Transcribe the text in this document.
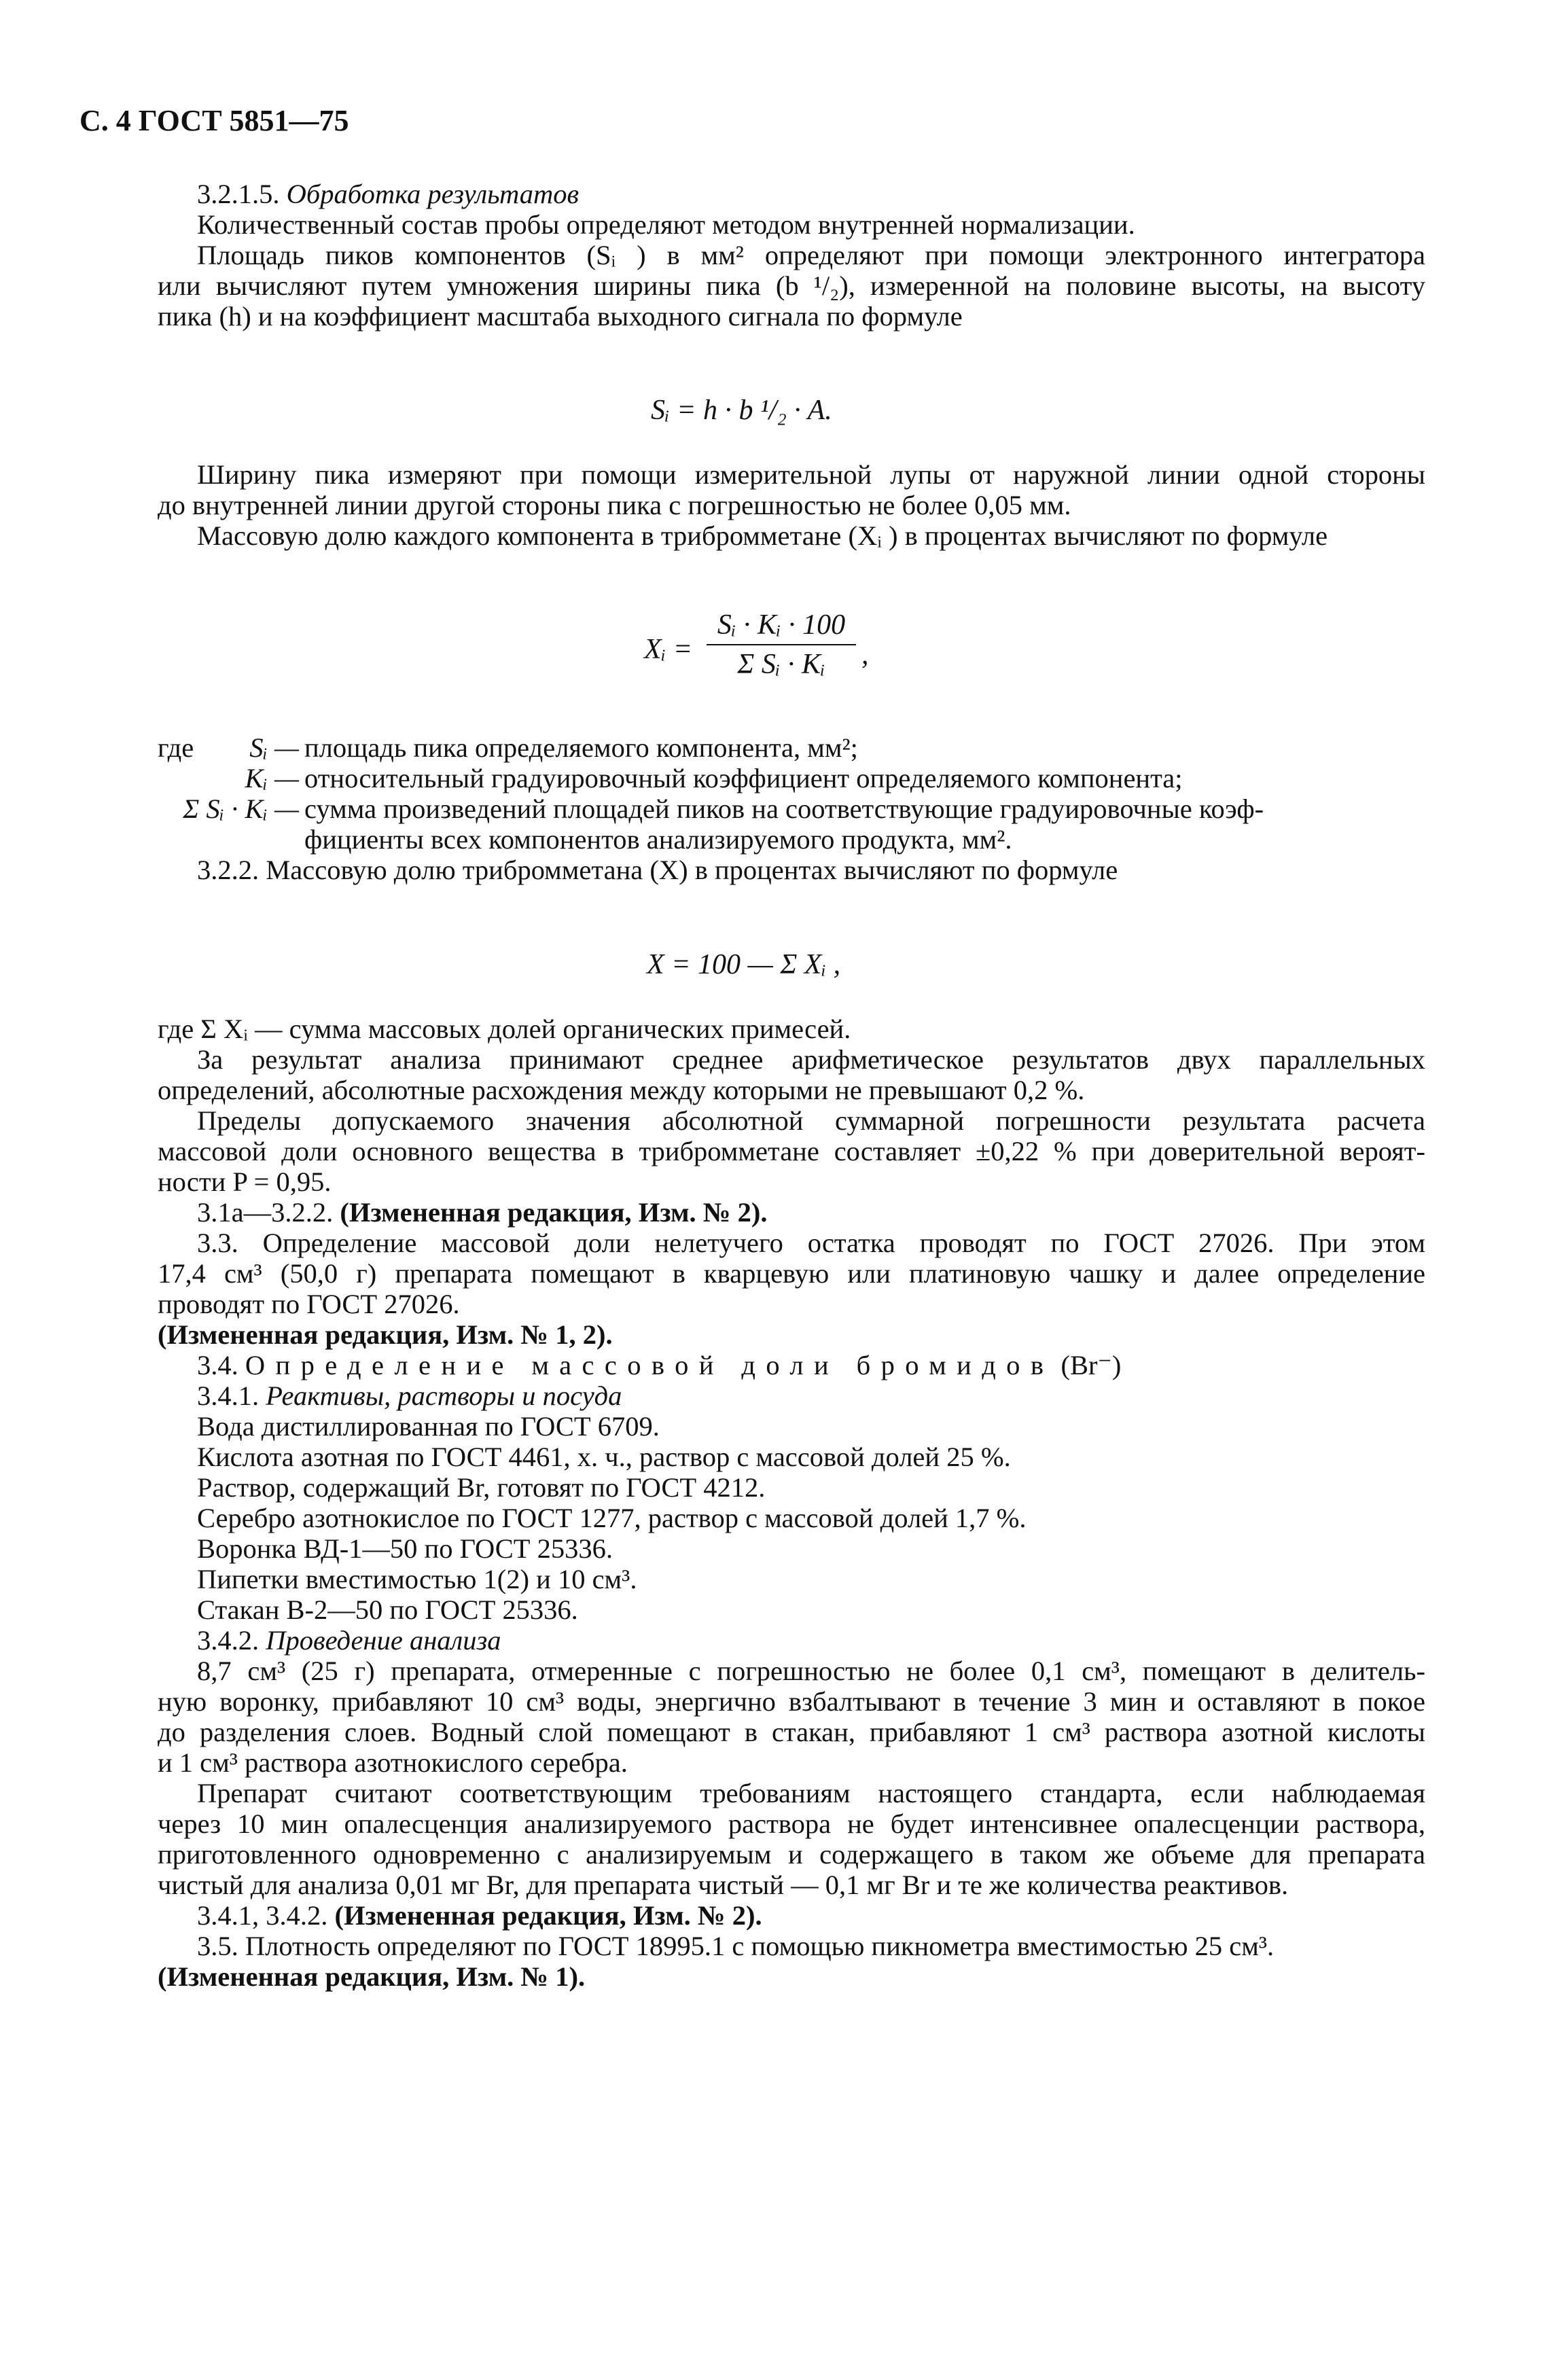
С. 4 ГОСТ 5851—75

3.2.1.5. Обработка результатов

Количественный состав пробы определяют методом внутренней нормализации.

Площадь пиков компонентов (Sᵢ ) в мм² определяют при помощи электронного интегратора

или вычисляют путем умножения ширины пика (b ¹/₂), измеренной на половине высоты, на высоту

пика (h) и на коэффициент масштаба выходного сигнала по формуле

Sᵢ = h · b ¹/₂ · A.

Ширину пика измеряют при помощи измерительной лупы от наружной линии одной стороны

до внутренней линии другой стороны пика с погрешностью не более 0,05 мм.

Массовую долю каждого компонента в трибромметане (Xᵢ ) в процентах вычисляют по формуле

Xᵢ = $\frac{\text{Sᵢ · Kᵢ · 100}}{\text{Σ Sᵢ · Kᵢ}}$ ,
где Sᵢ — площадь пика определяемого компонента, мм²;
Kᵢ — относительный градуировочный коэффициент определяемого компонента;
Σ Sᵢ · Kᵢ — сумма произведений площадей пиков на соответствующие градуировочные коэф-
фициенты всех компонентов анализируемого продукта, мм².

3.2.2. Массовую долю трибромметана (X) в процентах вычисляют по формуле

X = 100 — Σ Xᵢ ,

где Σ Xᵢ — сумма массовых долей органических примесей.

За результат анализа принимают среднее арифметическое результатов двух параллельных

определений, абсолютные расхождения между которыми не превышают 0,2 %.

Пределы допускаемого значения абсолютной суммарной погрешности результата расчета

массовой доли основного вещества в трибромметане составляет ±0,22 % при доверительной вероят-

ности P = 0,95.

3.1а—3.2.2. (Измененная редакция, Изм. № 2).

3.3. Определение массовой доли нелетучего остатка проводят по ГОСТ 27026. При этом

17,4 см³ (50,0 г) препарата помещают в кварцевую или платиновую чашку и далее определение

проводят по ГОСТ 27026.

(Измененная редакция, Изм. № 1, 2).

3.4. Определение массовой доли бромидов (Br⁻)

3.4.1. Реактивы, растворы и посуда

Вода дистиллированная по ГОСТ 6709.

Кислота азотная по ГОСТ 4461, х. ч., раствор с массовой долей 25 %.

Раствор, содержащий Br, готовят по ГОСТ 4212.

Серебро азотнокислое по ГОСТ 1277, раствор с массовой долей 1,7 %.

Воронка ВД-1—50 по ГОСТ 25336.

Пипетки вместимостью 1(2) и 10 см³.

Стакан В-2—50 по ГОСТ 25336.

3.4.2. Проведение анализа

8,7 см³ (25 г) препарата, отмеренные с погрешностью не более 0,1 см³, помещают в делитель-

ную воронку, прибавляют 10 см³ воды, энергично взбалтывают в течение 3 мин и оставляют в покое

до разделения слоев. Водный слой помещают в стакан, прибавляют 1 см³ раствора азотной кислоты

и 1 см³ раствора азотнокислого серебра.

Препарат считают соответствующим требованиям настоящего стандарта, если наблюдаемая

через 10 мин опалесценция анализируемого раствора не будет интенсивнее опалесценции раствора,

приготовленного одновременно с анализируемым и содержащего в таком же объеме для препарата

чистый для анализа 0,01 мг Br, для препарата чистый — 0,1 мг Br и те же количества реактивов.

3.4.1, 3.4.2. (Измененная редакция, Изм. № 2).

3.5. Плотность определяют по ГОСТ 18995.1 с помощью пикнометра вместимостью 25 см³.

(Измененная редакция, Изм. № 1).
